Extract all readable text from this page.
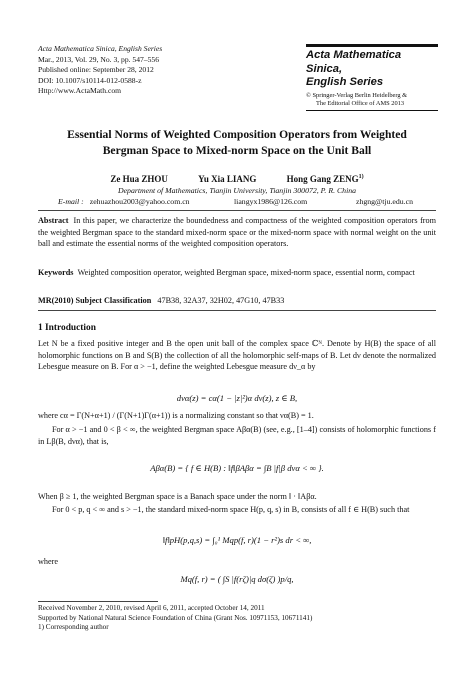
Acta Mathematica Sinica, English Series
Mar., 2013, Vol. 29, No. 3, pp. 547–556
Published online: September 28, 2012
DOI: 10.1007/s10114-012-0588-z
Http://www.ActaMath.com
Acta Mathematica Sinica,
English Series
© Springer-Verlag Berlin Heidelberg &
The Editorial Office of AMS 2013
Essential Norms of Weighted Composition Operators from Weighted
Bergman Space to Mixed-norm Space on the Unit Ball
Ze Hua ZHOU	Yu Xia LIANG	Hong Gang ZENG$^{1)}$
Department of Mathematics, Tianjin University, Tianjin 300072, P. R. China
E-mail : zehuazhou2003@yahoo.com.cn	liangyx1986@126.com	zhgng@tju.edu.cn
Abstract In this paper, we characterize the boundedness and compactness of the weighted composition operators from the weighted Bergman space to the standard mixed-norm space or the mixed-norm space with normal weight on the unit ball and estimate the essential norms of the weighted composition operators.
Keywords Weighted composition operator, weighted Bergman space, mixed-norm space, essential norm, compact
MR(2010) Subject Classification 47B38, 32A37, 32H02, 47G10, 47B33
1 Introduction
Let N be a fixed positive integer and B the open unit ball of the complex space ℂᴺ. Denote by H(B) the space of all holomorphic functions on B and S(B) the collection of all the holomorphic self-maps of B. Let dν denote the normalized Lebesgue measure on B. For α > −1, define the weighted Lebesgue measure dν_α by
dνα(z) = cα(1 − |z|²)α dν(z), z ∈ B,
where cα = Γ(N+α+1) / (Γ(N+1)Γ(α+1)) is a normalizing constant so that να(B) = 1.
For α > −1 and 0 < β < ∞, the weighted Bergman space Aβα(B) (see, e.g., [1–4]) consists of holomorphic functions f in Lβ(B, dνα), that is,
Aβα(B) = { f ∈ H(B) : ‖f‖βAβα = ∫B |f|β dνα < ∞ }.
When β ≥ 1, the weighted Bergman space is a Banach space under the norm ‖ · ‖Aβα.
For 0 < p, q < ∞ and s > −1, the standard mixed-norm space H(p, q, s) in B, consists of all f ∈ H(B) such that
‖f‖pH(p,q,s) = ∫₀¹ Mqp(f, r)(1 − r²)s dr < ∞,
where
Mq(f, r) = ( ∫S |f(rζ)|q dσ(ζ) )p/q,
Received November 2, 2010, revised April 6, 2011, accepted October 14, 2011
Supported by National Natural Science Foundation of China (Grant Nos. 10971153, 10671141)
1) Corresponding author
